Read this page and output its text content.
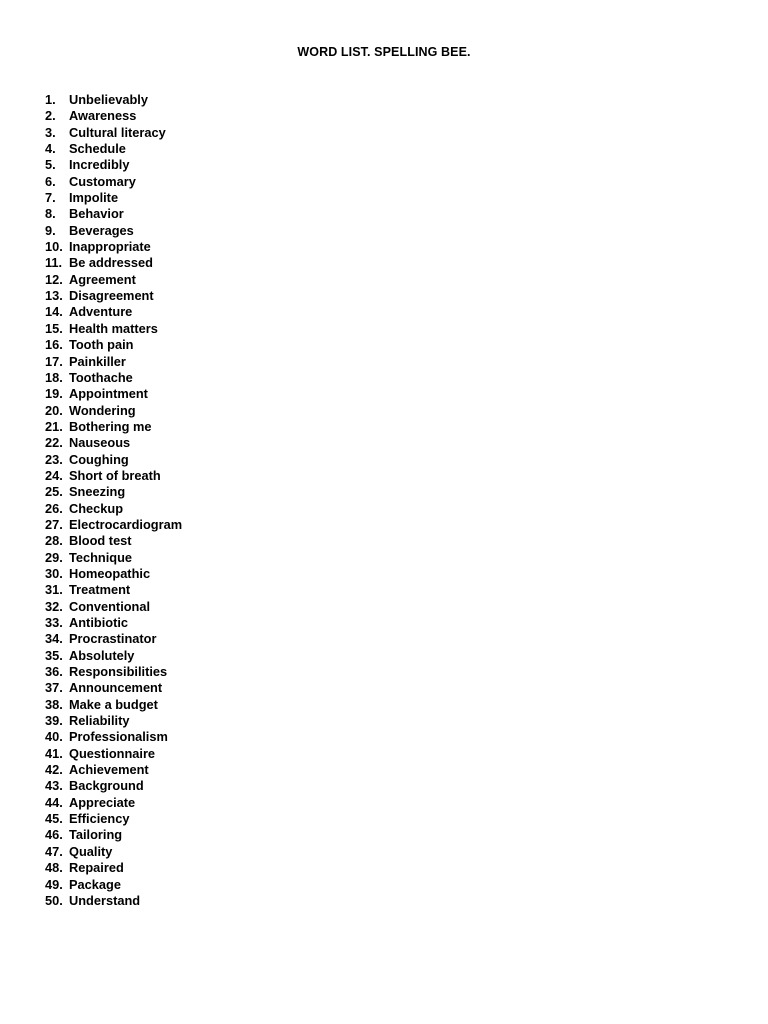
WORD LIST. SPELLING BEE.
1. Unbelievably
2. Awareness
3. Cultural literacy
4. Schedule
5. Incredibly
6. Customary
7. Impolite
8. Behavior
9. Beverages
10. Inappropriate
11. Be addressed
12. Agreement
13. Disagreement
14. Adventure
15. Health matters
16. Tooth pain
17. Painkiller
18. Toothache
19. Appointment
20. Wondering
21. Bothering me
22. Nauseous
23. Coughing
24. Short of breath
25. Sneezing
26. Checkup
27. Electrocardiogram
28. Blood test
29. Technique
30. Homeopathic
31. Treatment
32. Conventional
33. Antibiotic
34. Procrastinator
35. Absolutely
36. Responsibilities
37. Announcement
38. Make a budget
39. Reliability
40. Professionalism
41. Questionnaire
42. Achievement
43. Background
44. Appreciate
45. Efficiency
46. Tailoring
47. Quality
48. Repaired
49. Package
50. Understand
